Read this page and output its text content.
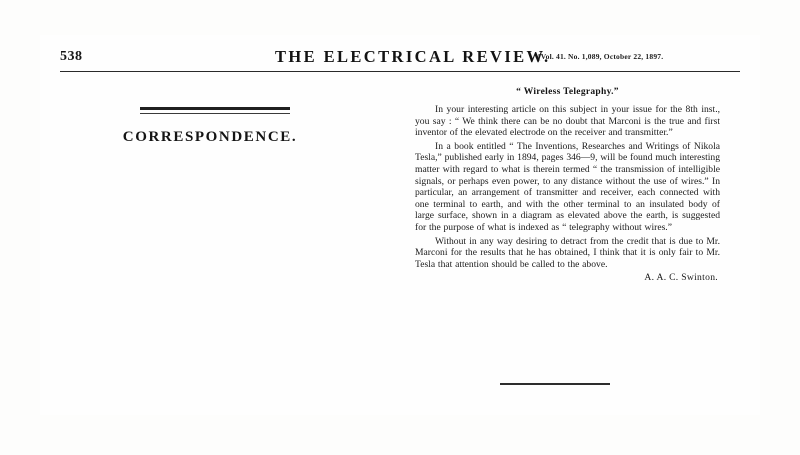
538	THE ELECTRICAL REVIEW.
[Vol. 41. No. 1,089, October 22, 1897.
CORRESPONDENCE.
“ Wireless Telegraphy.”

In your interesting article on this subject in your issue for the 8th inst., you say : “ We think there can be no doubt that Marconi is the true and first inventor of the elevated electrode on the receiver and transmitter.”

In a book entitled “ The Inventions, Researches and Writings of Nikola Tesla,” published early in 1894, pages 346—9, will be found much interesting matter with regard to what is therein termed “ the transmission of intelligible signals, or perhaps even power, to any distance without the use of wires.” In particular, an arrangement of transmitter and receiver, each connected with one terminal to earth, and with the other terminal to an insulated body of large surface, shown in a diagram as elevated above the earth, is suggested for the purpose of what is indexed as “ telegraphy without wires.”

Without in any way desiring to detract from the credit that is due to Mr. Marconi for the results that he has obtained, I think that it is only fair to Mr. Tesla that attention should be called to the above.

A. A. C. Swinton.
